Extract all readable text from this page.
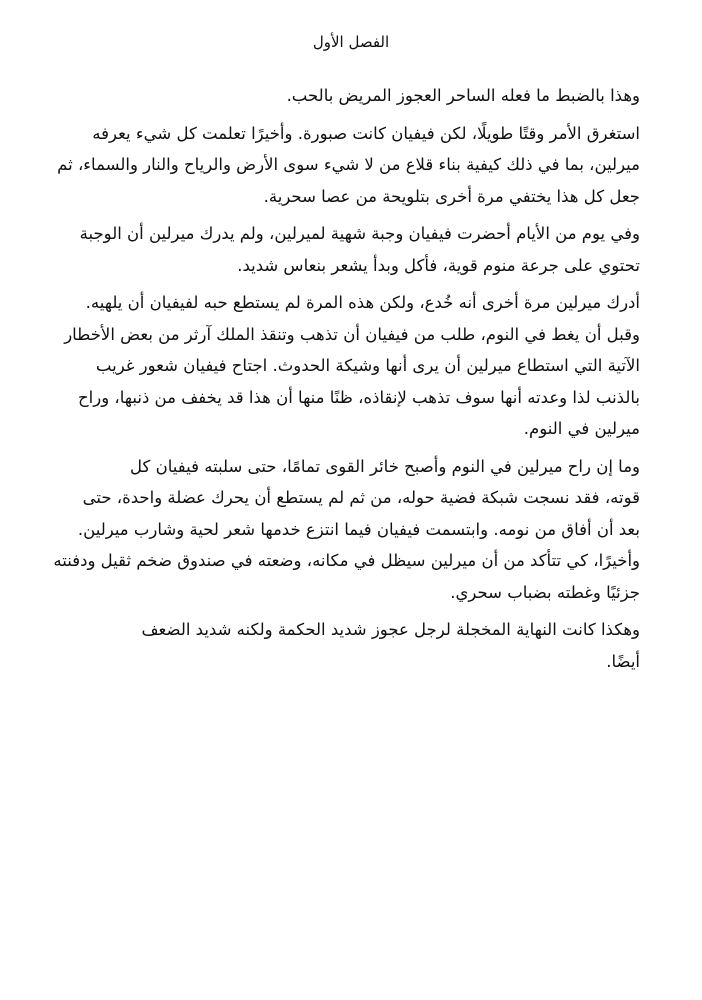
الفصل الأول

وهذا بالضبط ما فعله الساحر العجوز المريض بالحب.

استغرق الأمر وقتًا طويلًا، لكن فيفيان كانت صبورة. وأخيرًا تعلمت كل شيء يعرفه
ميرلين، بما في ذلك كيفية بناء قلاع من لا شيء سوى الأرض والرياح والنار والسماء، ثم
جعل كل هذا يختفي مرة أخرى بتلويحة من عصا سحرية.

وفي يوم من الأيام أحضرت فيفيان وجبة شهية لميرلين، ولم يدرك ميرلين أن الوجبة
تحتوي على جرعة منوم قوية، فأكل وبدأ يشعر بنعاس شديد.

أدرك ميرلين مرة أخرى أنه خُدع، ولكن هذه المرة لم يستطع حبه لفيفيان أن يلهيه.
وقبل أن يغط في النوم، طلب من فيفيان أن تذهب وتنقذ الملك آرثر من بعض الأخطار
الآتية التي استطاع ميرلين أن يرى أنها وشيكة الحدوث. اجتاح فيفيان شعور غريب
بالذنب لذا وعدته أنها سوف تذهب لإنقاذه، ظنًا منها أن هذا قد يخفف من ذنبها، وراح
ميرلين في النوم.

وما إن راح ميرلين في النوم وأصبح خائر القوى تمامًا، حتى سلبته فيفيان كل
قوته، فقد نسجت شبكة فضية حوله، من ثم لم يستطع أن يحرك عضلة واحدة، حتى
بعد أن أفاق من نومه. وابتسمت فيفيان فيما انتزع خدمها شعر لحية وشارب ميرلين.
وأخيرًا، كي تتأكد من أن ميرلين سيظل في مكانه، وضعته في صندوق ضخم ثقيل ودفنته
جزئيًا وغطته بضباب سحري.

وهكذا كانت النهاية المخجلة لرجل عجوز شديد الحكمة ولكنه شديد الضعف
أيضًا.
